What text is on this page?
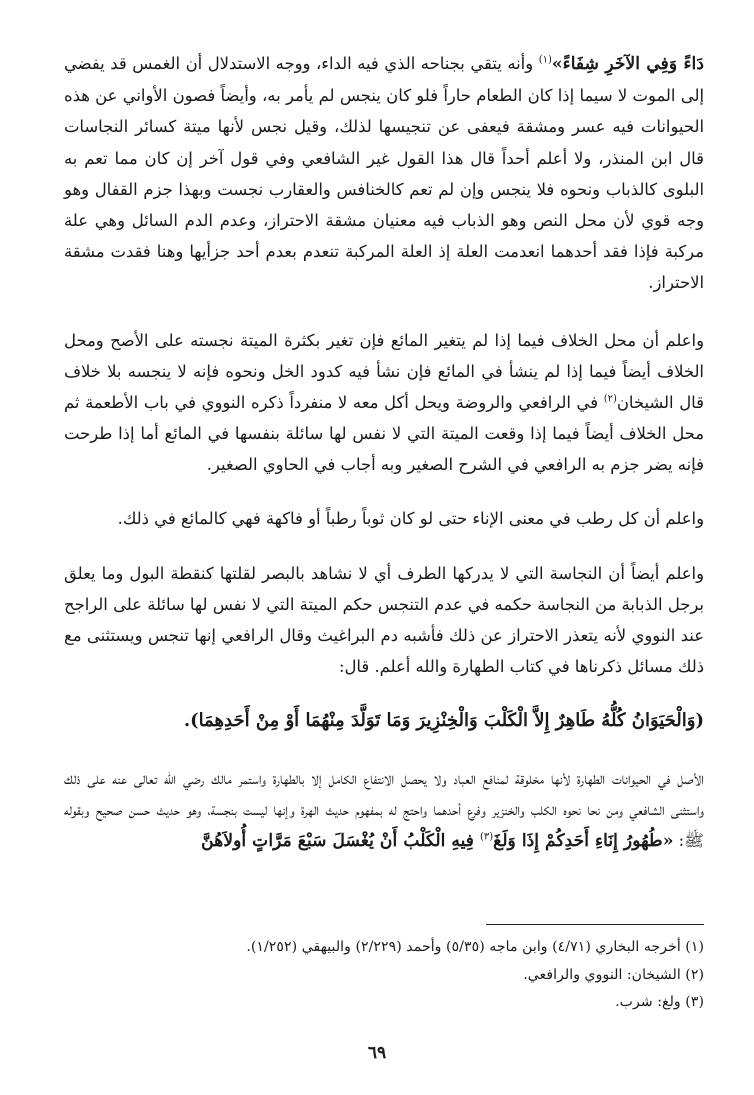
دَاءً وَفِي الآخَرِ شِفَاءً»$^{(١)}$ وأنه يتقي بجناحه الذي فيه الداء، ووجه الاستدلال أن الغمس قد يفضي إلى الموت لا سيما إذا كان الطعام حاراً فلو كان ينجس لم يأمر به، وأيضاً فصون الأواني عن هذه الحيوانات فيه عسر ومشقة فيعفى عن تنجيسها لذلك، وقيل نجس لأنها ميتة كسائر النجاسات قال ابن المنذر، ولا أعلم أحداً قال هذا القول غير الشافعي وفي قول آخر إن كان مما تعم به البلوى كالذباب ونحوه فلا ينجس وإن لم تعم كالخنافس والعقارب نجست وبهذا جزم القفال وهو وجه قوي لأن محل النص وهو الذباب فيه معنيان مشقة الاحتراز، وعدم الدم السائل وهي علة مركبة فإذا فقد أحدهما انعدمت العلة إذ العلة المركبة تنعدم بعدم أحد جزأيها وهنا فقدت مشقة الاحتراز.

واعلم أن محل الخلاف فيما إذا لم يتغير المائع فإن تغير بكثرة الميتة نجسته على الأصح ومحل الخلاف أيضاً فيما إذا لم ينشأ في المائع فإن نشأ فيه كدود الخل ونحوه فإنه لا ينجسه بلا خلاف قال الشيخان$^{(٢)}$ في الرافعي والروضة ويحل أكل معه لا منفرداً ذكره النووي في باب الأطعمة ثم محل الخلاف أيضاً فيما إذا وقعت الميتة التي لا نفس لها سائلة بنفسها في المائع أما إذا طرحت فإنه يضر جزم به الرافعي في الشرح الصغير وبه أجاب في الحاوي الصغير.

واعلم أن كل رطب في معنى الإناء حتى لو كان ثوباً رطباً أو فاكهة فهي كالمائع في ذلك.

واعلم أيضاً أن النجاسة التي لا يدركها الطرف أي لا نشاهد بالبصر لقلتها كنقطة البول وما يعلق برجل الذبابة من النجاسة حكمه في عدم التنجس حكم الميتة التي لا نفس لها سائلة على الراجح عند النووي لأنه يتعذر الاحتراز عن ذلك فأشبه دم البراغيث وقال الرافعي إنها تنجس ويستثنى مع ذلك مسائل ذكرناها في كتاب الطهارة والله أعلم. قال:

(وَالْحَيَوَانُ كُلُّهُ طَاهِرٌ إِلاَّ الْكَلْبَ وَالْخِنْزِيرَ وَمَا تَوَلَّدَ مِنْهُمَا أَوْ مِنْ أَحَدِهِمَا).

الأصل في الحيوانات الطهارة لأنها مخلوقة لمنافع العباد ولا يحصل الانتفاع الكامل إلا بالطهارة واستمر مالك رضي الله تعالى عنه على ذلك واستثنى الشافعي ومن نحا نحوه الكلب والخنزير وفرع أحدهما واحتج له بمفهوم حديث الهرة وإنها ليست بنجسة، وهو حديث حسن صحيح وبقوله ﷺ: «طُهُورُ إِنَاءِ أَحَدِكُمْ إِذَا وَلَغَ$^{(٣)}$ فِيهِ الْكَلْبُ أَنْ يُغْسَلَ سَبْعَ مَرَّاتٍ أُولاَهُنَّ

(١) أخرجه البخاري (٤/٧١) وابن ماجه (٥/٣٥) وأحمد (٢/٢٢٩) والبيهقي (١/٢٥٢).

(٢) الشيخان: النووي والرافعي.

(٣) ولغ: شرب.

٦٩
